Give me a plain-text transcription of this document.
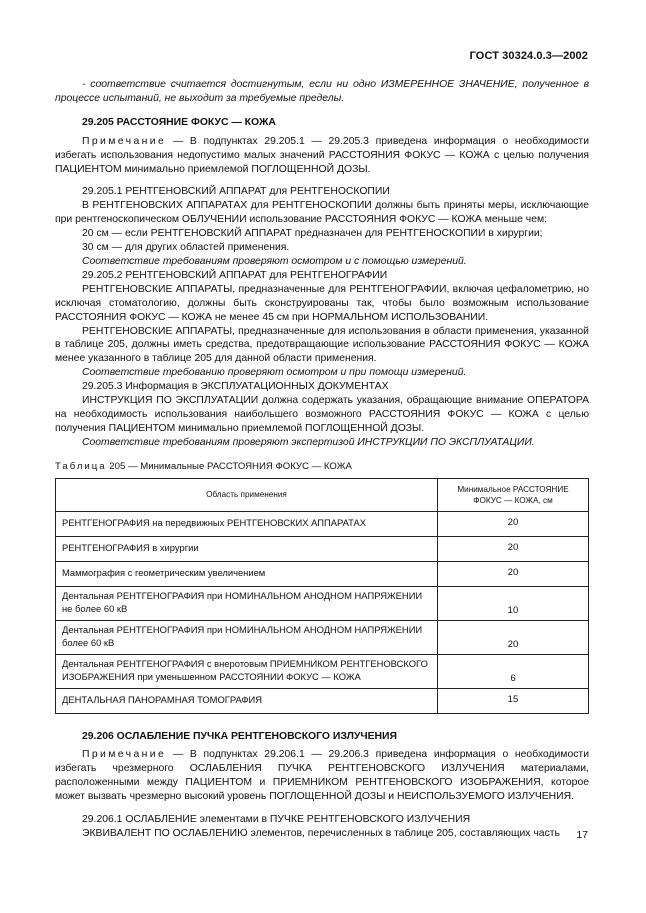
ГОСТ 30324.0.3—2002

- соответствие считается достигнутым, если ни одно ИЗМЕРЕННОЕ ЗНАЧЕНИЕ, полученное в процессе испытаний, не выходит за требуемые пределы.

29.205 РАССТОЯНИЕ ФОКУС — КОЖА

Примечание — В подпунктах 29.205.1 — 29.205.3 приведена информация о необходимости избегать использования недопустимо малых значений РАССТОЯНИЯ ФОКУС — КОЖА с целью получения ПАЦИЕНТОМ минимально приемлемой ПОГЛОЩЕННОЙ ДОЗЫ.

29.205.1 РЕНТГЕНОВСКИЙ АППАРАТ для РЕНТГЕНОСКОПИИ

В РЕНТГЕНОВСКИХ АППАРАТАХ для РЕНТГЕНОСКОПИИ должны быть приняты меры, исключающие при рентгеноскопическом ОБЛУЧЕНИИ использование РАССТОЯНИЯ ФОКУС — КОЖА меньше чем:

20 см — если РЕНТГЕНОВСКИЙ АППАРАТ предназначен для РЕНТГЕНОСКОПИИ в хирургии;

30 см — для других областей применения.

Соответствие требованиям проверяют осмотром и с помощью измерений.

29.205.2 РЕНТГЕНОВСКИЙ АППАРАТ для РЕНТГЕНОГРАФИИ

РЕНТГЕНОВСКИЕ АППАРАТЫ, предназначенные для РЕНТГЕНОГРАФИИ, включая цефалометрию, но исключая стоматологию, должны быть сконструированы так, чтобы было возможным использование РАССТОЯНИЯ ФОКУС — КОЖА не менее 45 см при НОРМАЛЬНОМ ИСПОЛЬЗОВАНИИ.

РЕНТГЕНОВСКИЕ АППАРАТЫ, предназначенные для использования в области применения, указанной в таблице 205, должны иметь средства, предотвращающие использование РАССТОЯНИЯ ФОКУС — КОЖА менее указанного в таблице 205 для данной области применения.

Соответствие требованию проверяют осмотром и при помощи измерений.

29.205.3 Информация в ЭКСПЛУАТАЦИОННЫХ ДОКУМЕНТАХ

ИНСТРУКЦИЯ ПО ЭКСПЛУАТАЦИИ должна содержать указания, обращающие внимание ОПЕРАТОРА на необходимость использования наибольшего возможного РАССТОЯНИЯ ФОКУС — КОЖА с целью получения ПАЦИЕНТОМ минимально приемлемой ПОГЛОЩЕННОЙ ДОЗЫ.

Соответствие требованиям проверяют экспертизой ИНСТРУКЦИИ ПО ЭКСПЛУАТАЦИИ.

Таблица 205 — Минимальные РАССТОЯНИЯ ФОКУС — КОЖА

Область применения	Минимальное РАССТОЯНИЕ ФОКУС — КОЖА, см
РЕНТГЕНОГРАФИЯ на передвижных РЕНТГЕНОВСКИХ АППАРАТАХ	20
РЕНТГЕНОГРАФИЯ в хирургии	20
Маммография с геометрическим увеличением	20
Дентальная РЕНТГЕНОГРАФИЯ при НОМИНАЛЬНОМ АНОДНОМ НАПРЯЖЕНИИ не более 60 кВ	10
Дентальная РЕНТГЕНОГРАФИЯ при НОМИНАЛЬНОМ АНОДНОМ НАПРЯЖЕНИИ более 60 кВ	20
Дентальная РЕНТГЕНОГРАФИЯ с внеротовым ПРИЕМНИКОМ РЕНТГЕНОВСКОГО ИЗОБРАЖЕНИЯ при уменьшенном РАССТОЯНИИ ФОКУС — КОЖА	6
ДЕНТАЛЬНАЯ ПАНОРАМНАЯ ТОМОГРАФИЯ	15

29.206 ОСЛАБЛЕНИЕ ПУЧКА РЕНТГЕНОВСКОГО ИЗЛУЧЕНИЯ

Примечание — В подпунктах 29.206.1 — 29.206.3 приведена информация о необходимости избегать чрезмерного ОСЛАБЛЕНИЯ ПУЧКА РЕНТГЕНОВСКОГО ИЗЛУЧЕНИЯ материалами, расположенными между ПАЦИЕНТОМ и ПРИЕМНИКОМ РЕНТГЕНОВСКОГО ИЗОБРАЖЕНИЯ, которое может вызвать чрезмерно высокий уровень ПОГЛОЩЕННОЙ ДОЗЫ и НЕИСПОЛЬЗУЕМОГО ИЗЛУЧЕНИЯ.

29.206.1 ОСЛАБЛЕНИЕ элементами в ПУЧКЕ РЕНТГЕНОВСКОГО ИЗЛУЧЕНИЯ

ЭКВИВАЛЕНТ ПО ОСЛАБЛЕНИЮ элементов, перечисленных в таблице 205, составляющих часть	17
